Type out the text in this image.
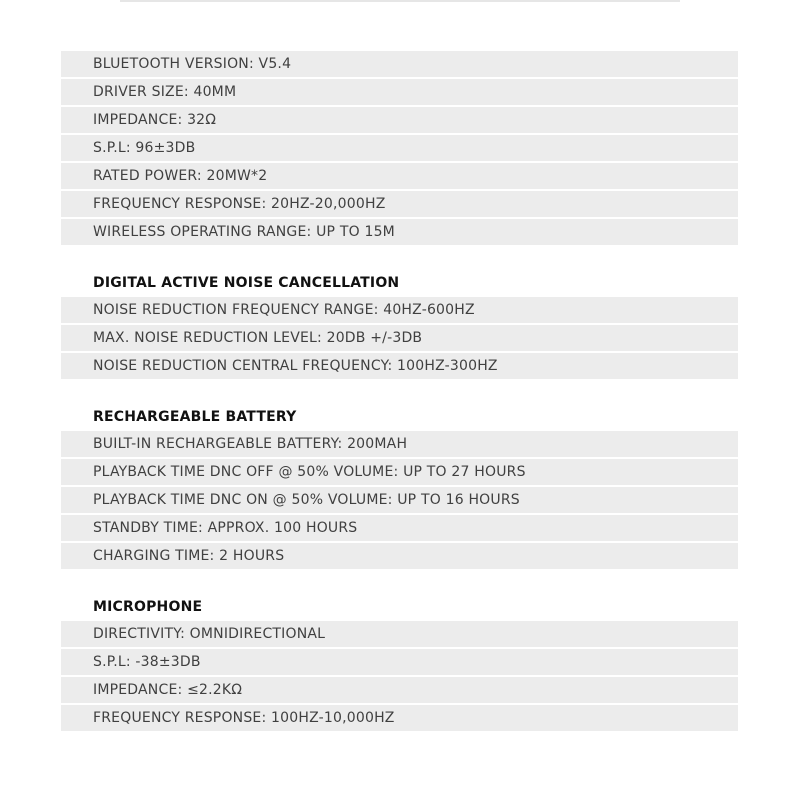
BLUETOOTH VERSION: V5.4
DRIVER SIZE: 40MM
IMPEDANCE: 32Ω
S.P.L: 96±3DB
RATED POWER: 20MW*2
FREQUENCY RESPONSE: 20HZ-20,000HZ
WIRELESS OPERATING RANGE: UP TO 15M
DIGITAL ACTIVE NOISE CANCELLATION
NOISE REDUCTION FREQUENCY RANGE: 40HZ-600HZ
MAX. NOISE REDUCTION LEVEL: 20DB +/-3DB
NOISE REDUCTION CENTRAL FREQUENCY: 100HZ-300HZ
RECHARGEABLE BATTERY
BUILT-IN RECHARGEABLE BATTERY: 200MAH
PLAYBACK TIME DNC OFF @ 50% VOLUME: UP TO 27 HOURS
PLAYBACK TIME DNC ON @ 50% VOLUME: UP TO 16 HOURS
STANDBY TIME: APPROX. 100 HOURS
CHARGING TIME: 2 HOURS
MICROPHONE
DIRECTIVITY: OMNIDIRECTIONAL
S.P.L: -38±3DB
IMPEDANCE: ≤2.2KΩ
FREQUENCY RESPONSE: 100HZ-10,000HZ
